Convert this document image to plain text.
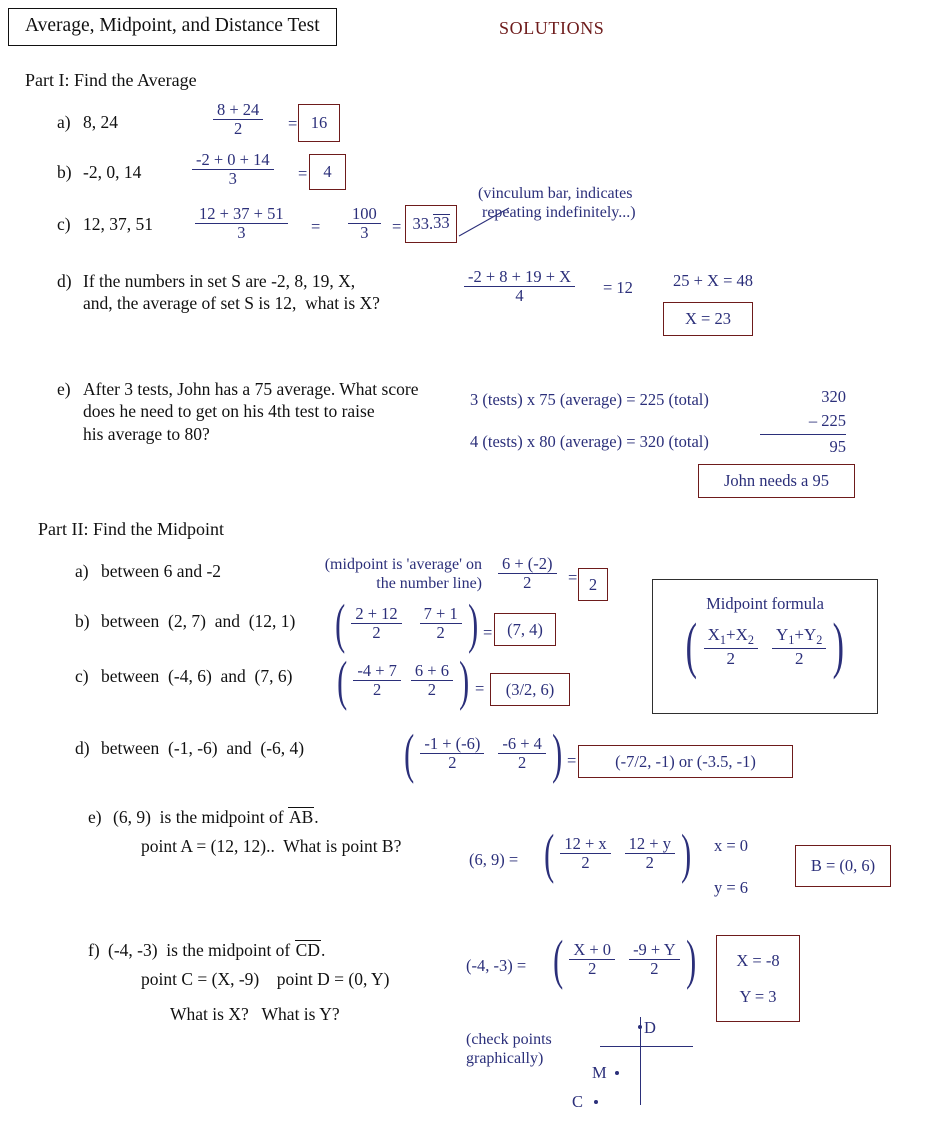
Average, Midpoint, and Distance Test	SOLUTIONS
Part I: Find the Average
a) 8, 24	$\frac{8 + 24}{2} = 16$
b) -2, 0, 14	$\frac{-2 + 0 + 14}{3} = 4$
c) 12, 37, 51	$\frac{12 + 37 + 51}{3} = \frac{100}{3} = 33$. 33
(vinculum bar, indicates
repeating indefinitely...)
d) If the numbers in set S are -2, 8, 19, X,
and, the average of set S is 12,  what is X?	$\frac{-2 + 8 + 19 + X}{4} = 12$ 25 + X = 48
X = 23
e) After 3 tests, John has a 75 average. What score
does he need to get on his 4th test to raise
his average to 80?
3 (tests) x 75 (average) = 225 (total)
4 (tests) x 80 (average) = 320 (total)
320
– 225
95
John needs a 95
Part II: Find the Midpoint
a) between 6 and -2	(midpoint is 'average' on
the number line) $\frac{6 + (-2)}{2} = 2$
b) between  (2, 7)  and  (12, 1) ( $\frac{2 + 12}{2} \frac{7 + 1}{2}$ ) = (7, 4)
c) between  (-4, 6)  and  (7, 6) ( $\frac{-4 + 7}{2} \frac{6 + 6}{2}$ ) = (3/2, 6)
d) between  (-1, -6)  and  (-6, 4) ( $\frac{-1 + (-6)}{2} \frac{-6 + 4}{2}$ ) = (-7/2, -1) or (-3.5, -1)
Midpoint formula
( $\frac{X_1+X_2}{2} \frac{Y_1+Y_2}{2}$ )
e) (6, 9)  is the midpoint of AB.
point A = (12, 12)..  What is point B?
(6, 9) = ( $\frac{12 + x}{2} \frac{12 + y}{2}$ ) x = 0
y = 6
B = (0, 6)
f) (-4, -3)  is the midpoint of CD.
point C = (X, -9)    point D = (0, Y)
What is X?   What is Y?
(-4, -3) = ( $\frac{X + 0}{2} \frac{-9 + Y}{2}$ ) X = -8
Y = 3
(check points
graphically)
D
M
C
